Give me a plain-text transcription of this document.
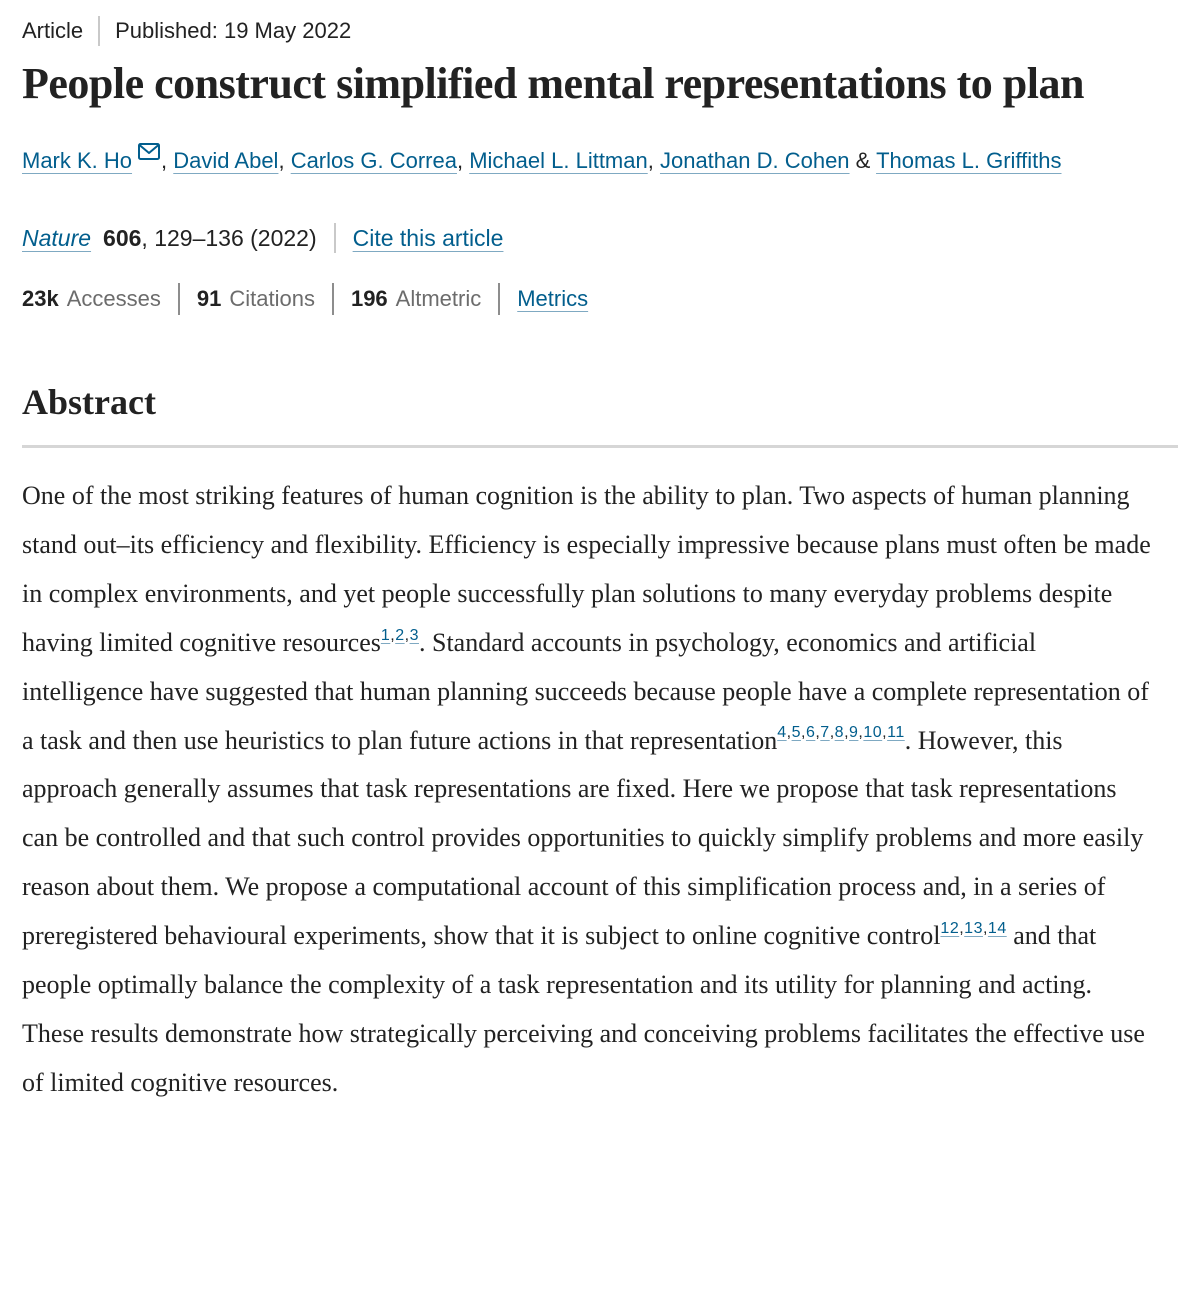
Article Published: 19 May 2022
People construct simplified mental representations to plan
Mark K. Ho , David Abel, Carlos G. Correa, Michael L. Littman, Jonathan D. Cohen & Thomas L. Griffiths
Nature 606, 129–136 (2022) Cite this article
23k Accesses 91 Citations 196 Altmetric Metrics
Abstract

One of the most striking features of human cognition is the ability to plan. Two aspects of human planning stand out–its efficiency and flexibility. Efficiency is especially impressive because plans must often be made in complex environments, and yet people successfully plan solutions to many everyday problems despite having limited cognitive resources$^{1,2,3}$. Standard accounts in psychology, economics and artificial intelligence have suggested that human planning succeeds because people have a complete representation of a task and then use heuristics to plan future actions in that representation$^{4,5,6,7,8,9,10,11}$. However, this approach generally assumes that task representations are fixed. Here we propose that task representations can be controlled and that such control provides opportunities to quickly simplify problems and more easily reason about them. We propose a computational account of this simplification process and, in a series of preregistered behavioural experiments, show that it is subject to online cognitive control$^{12,13,14}$ and that people optimally balance the complexity of a task representation and its utility for planning and acting. These results demonstrate how strategically perceiving and conceiving problems facilitates the effective use of limited cognitive resources.
